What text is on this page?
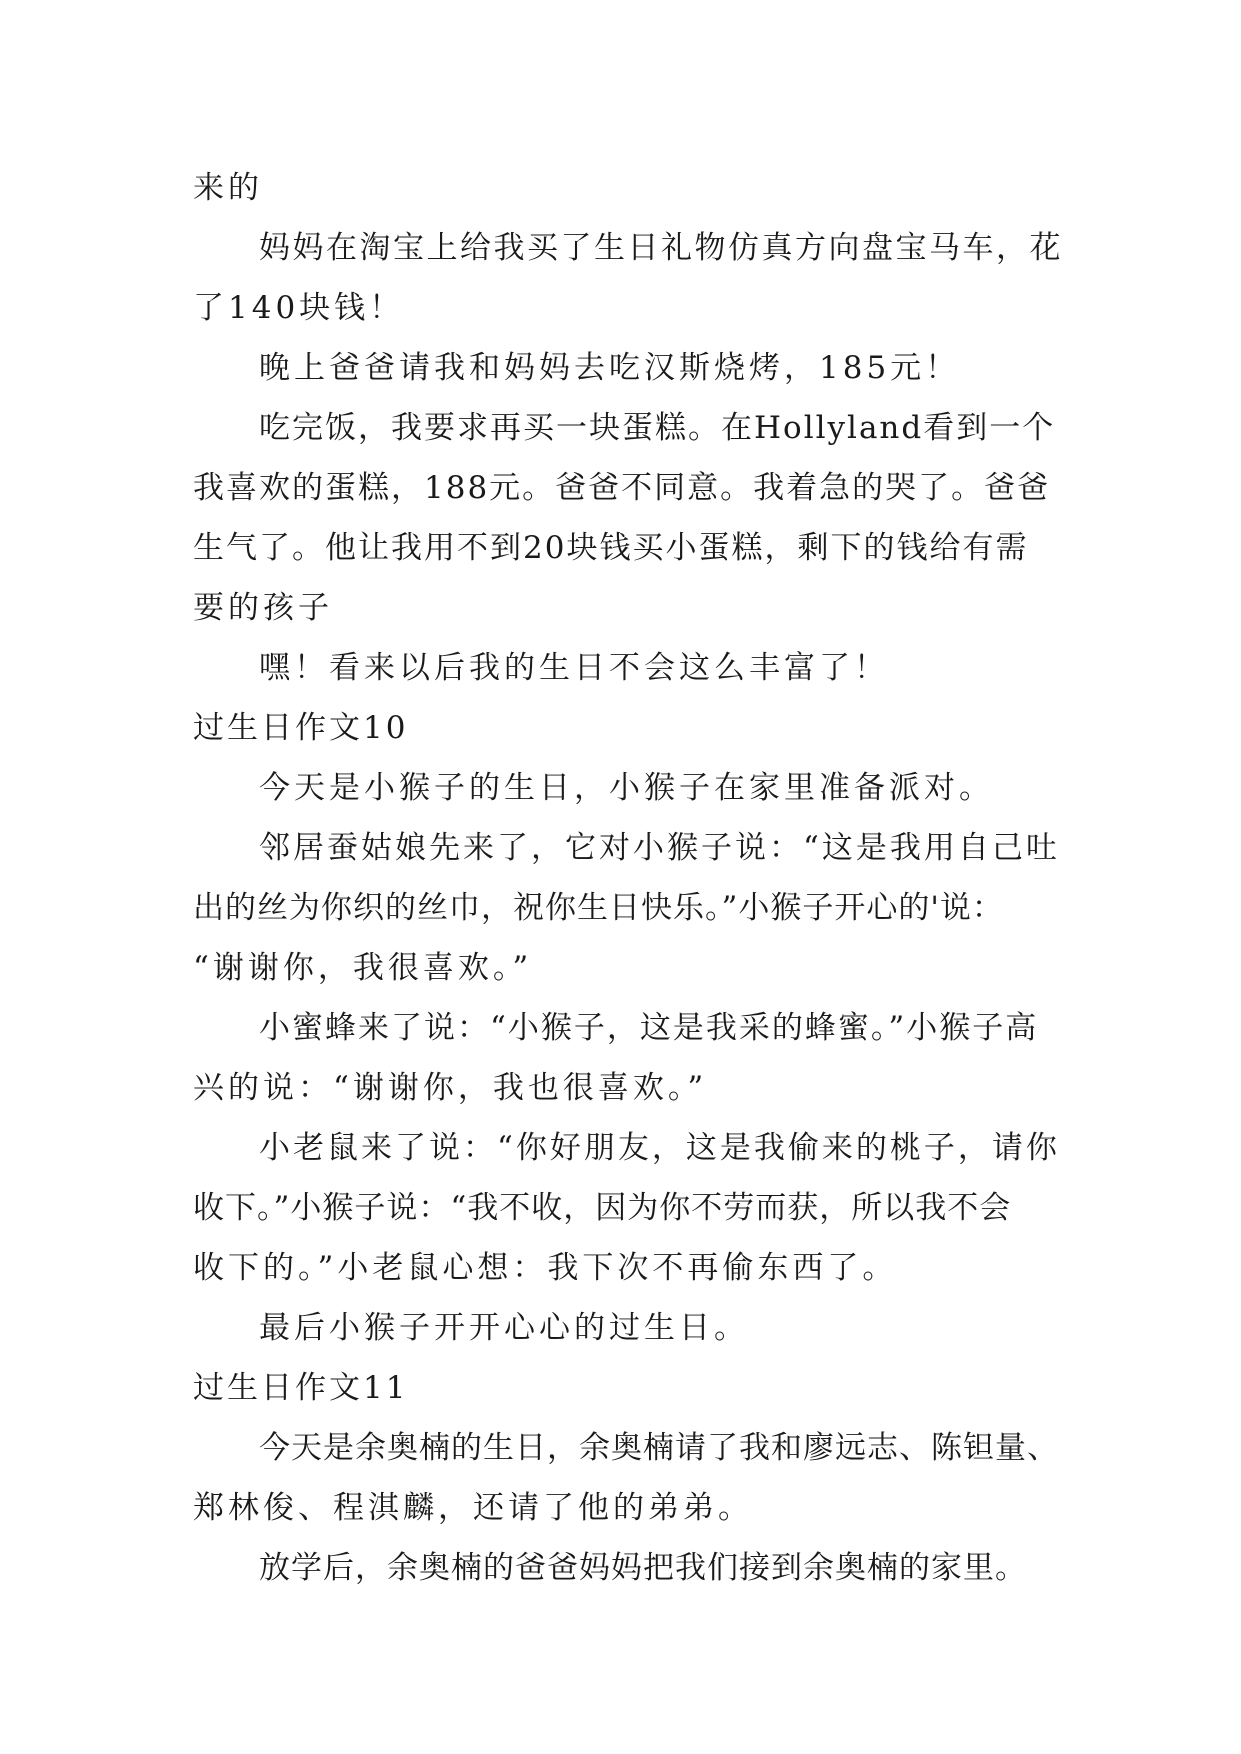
来的
妈妈在淘宝上给我买了生日礼物仿真方向盘宝马车，花
了140块钱！
晚上爸爸请我和妈妈去吃汉斯烧烤，185元！
吃完饭，我要求再买一块蛋糕。在Hollyland看到一个
我喜欢的蛋糕，188元。爸爸不同意。我着急的哭了。爸爸
生气了。他让我用不到20块钱买小蛋糕，剩下的钱给有需
要的孩子
嘿！看来以后我的生日不会这么丰富了！
过生日作文10
今天是小猴子的生日，小猴子在家里准备派对。
邻居蚕姑娘先来了，它对小猴子说：“这是我用自己吐
出的丝为你织的丝巾，祝你生日快乐。”小猴子开心的'说：
“谢谢你，我很喜欢。”
小蜜蜂来了说：“小猴子，这是我采的蜂蜜。”小猴子高
兴的说：“谢谢你，我也很喜欢。”
小老鼠来了说：“你好朋友，这是我偷来的桃子，请你
收下。”小猴子说：“我不收，因为你不劳而获，所以我不会
收下的。”小老鼠心想：我下次不再偷东西了。
最后小猴子开开心心的过生日。
过生日作文11
今天是余奥楠的生日，余奥楠请了我和廖远志、陈钽量、
郑林俊、程淇麟，还请了他的弟弟。
放学后，余奥楠的爸爸妈妈把我们接到余奥楠的家里。
